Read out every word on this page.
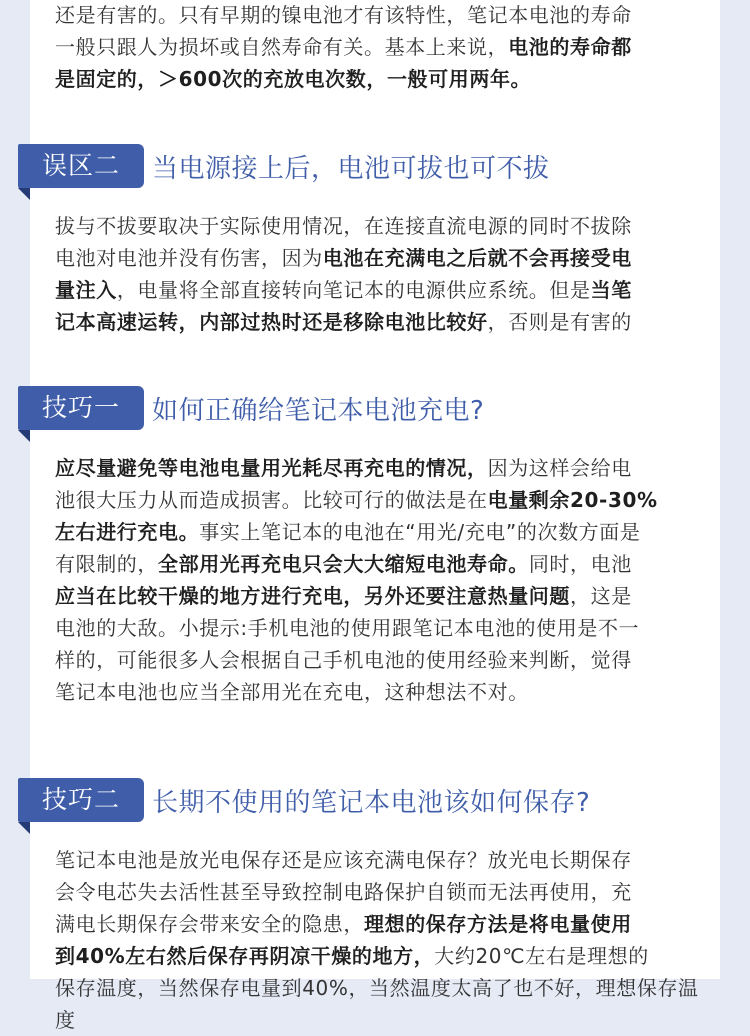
还是有害的。只有早期的镍电池才有该特性，笔记本电池的寿命
一般只跟人为损坏或自然寿命有关。基本上来说，电池的寿命都
是固定的，＞600次的充放电次数，一般可用两年。
误区二	当电源接上后，电池可拔也可不拔
拔与不拔要取决于实际使用情况，在连接直流电源的同时不拔除
电池对电池并没有伤害，因为电池在充满电之后就不会再接受电
量注入，电量将全部直接转向笔记本的电源供应系统。但是当笔
记本高速运转，内部过热时还是移除电池比较好，否则是有害的
技巧一	如何正确给笔记本电池充电?
应尽量避免等电池电量用光耗尽再充电的情况，因为这样会给电
池很大压力从而造成损害。比较可行的做法是在电量剩余20-30%
左右进行充电。事实上笔记本的电池在“用光/充电”的次数方面是
有限制的，全部用光再充电只会大大缩短电池寿命。同时，电池
应当在比较干燥的地方进行充电，另外还要注意热量问题，这是
电池的大敌。小提示:手机电池的使用跟笔记本电池的使用是不一
样的，可能很多人会根据自己手机电池的使用经验来判断，觉得
笔记本电池也应当全部用光在充电，这种想法不对。
技巧二	长期不使用的笔记本电池该如何保存?
笔记本电池是放光电保存还是应该充满电保存？放光电长期保存
会令电芯失去活性甚至导致控制电路保护自锁而无法再使用，充
满电长期保存会带来安全的隐患，理想的保存方法是将电量使用
到40%左右然后保存再阴凉干燥的地方，大约20℃左右是理想的
保存温度，当然保存电量到40%，当然温度太高了也不好，理想保存温度
